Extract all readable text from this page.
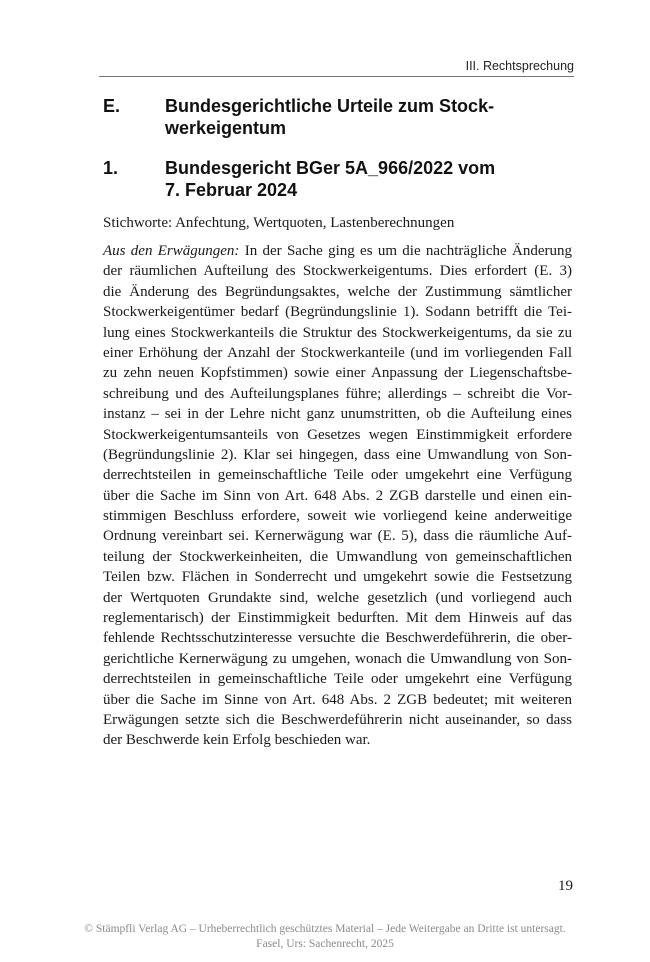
III. Rechtsprechung
E. Bundesgerichtliche Urteile zum Stock-
werkeigentum
1.	Bundesgericht BGer 5A_966/2022 vom
7. Februar 2024
Stichworte: Anfechtung, Wertquoten, Lastenberechnungen
Aus den Erwägungen: In der Sache ging es um die nachträgliche Änderung
der räumlichen Aufteilung des Stockwerkeigentums. Dies erfordert (E. 3)
die Änderung des Begründungsaktes, welche der Zustimmung sämtlicher
Stockwerkeigentümer bedarf (Begründungslinie 1). Sodann betrifft die Tei-
lung eines Stockwerkanteils die Struktur des Stockwerkeigentums, da sie zu
einer Erhöhung der Anzahl der Stockwerkanteile (und im vorliegenden Fall
zu zehn neuen Kopfstimmen) sowie einer Anpassung der Liegenschaftsbe-
schreibung und des Aufteilungsplanes führe; allerdings – schreibt die Vor-
instanz – sei in der Lehre nicht ganz unumstritten, ob die Aufteilung eines
Stockwerkeigentumsanteils von Gesetzes wegen Einstimmigkeit erfordere
(Begründungslinie 2). Klar sei hingegen, dass eine Umwandlung von Son-
derrechtsteilen in gemeinschaftliche Teile oder umgekehrt eine Verfügung
über die Sache im Sinn von Art. 648 Abs. 2 ZGB darstelle und einen ein-
stimmigen Beschluss erfordere, soweit wie vorliegend keine anderweitige
Ordnung vereinbart sei. Kernerwägung war (E. 5), dass die räumliche Auf-
teilung der Stockwerkeinheiten, die Umwandlung von gemeinschaftlichen
Teilen bzw. Flächen in Sonderrecht und umgekehrt sowie die Festsetzung
der Wertquoten Grundakte sind, welche gesetzlich (und vorliegend auch
reglementarisch) der Einstimmigkeit bedurften. Mit dem Hinweis auf das
fehlende Rechtsschutzinteresse versuchte die Beschwerdeführerin, die ober-
gerichtliche Kernerwägung zu umgehen, wonach die Umwandlung von Son-
derrechtsteilen in gemeinschaftliche Teile oder umgekehrt eine Verfügung
über die Sache im Sinne von Art. 648 Abs. 2 ZGB bedeutet; mit weiteren
Erwägungen setzte sich die Beschwerdeführerin nicht auseinander, so dass
der Beschwerde kein Erfolg beschieden war.
19
© Stämpfli Verlag AG – Urheberrechtlich geschütztes Material – Jede Weitergabe an Dritte ist untersagt.
Fasel, Urs: Sachenrecht, 2025
